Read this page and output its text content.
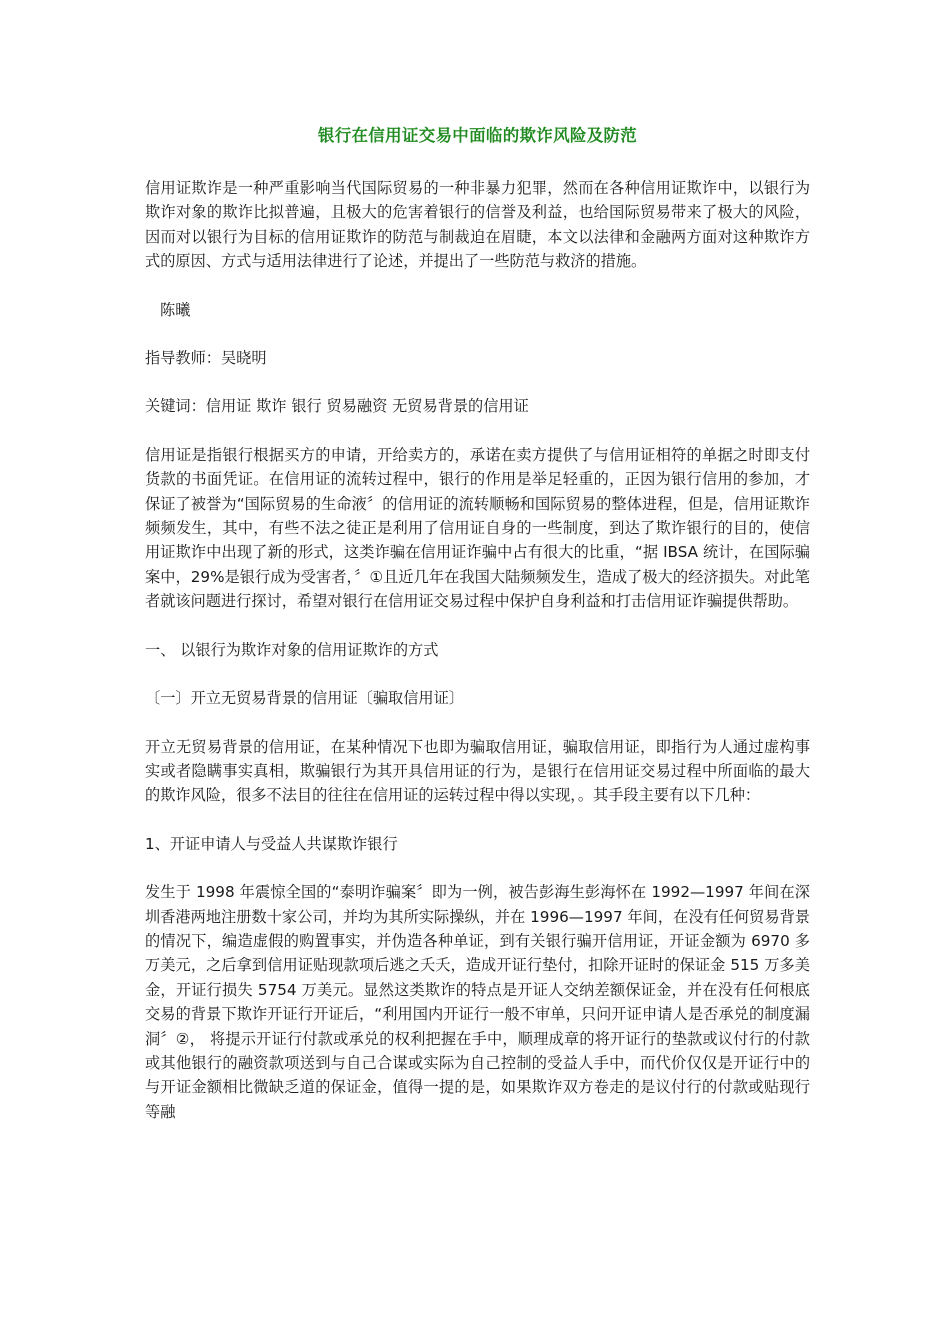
银行在信用证交易中面临的欺诈风险及防范

信用证欺诈是一种严重影响当代国际贸易的一种非暴力犯罪，然而在各种信用证欺诈中，以银行为欺诈对象的欺诈比拟普遍，且极大的危害着银行的信誉及利益，也给国际贸易带来了极大的风险，因而对以银行为目标的信用证欺诈的防范与制裁迫在眉睫，本文以法律和金融两方面对这种欺诈方式的原因、方式与适用法律进行了论述，并提出了一些防范与救济的措施。

陈曦

指导教师：吴晓明

关键词：信用证 欺诈 银行 贸易融资 无贸易背景的信用证

信用证是指银行根据买方的申请，开给卖方的，承诺在卖方提供了与信用证相符的单据之时即支付货款的书面凭证。在信用证的流转过程中，银行的作用是举足轻重的，正因为银行信用的参加，才保证了被誉为“国际贸易的生命液〞的信用证的流转顺畅和国际贸易的整体进程，但是，信用证欺诈频频发生，其中，有些不法之徒正是利用了信用证自身的一些制度，到达了欺诈银行的目的，使信用证欺诈中出现了新的形式，这类诈骗在信用证诈骗中占有很大的比重，“据 IBSA 统计，在国际骗案中，29%是银行成为受害者，〞①且近几年在我国大陆频频发生，造成了极大的经济损失。对此笔者就该问题进行探讨，希望对银行在信用证交易过程中保护自身利益和打击信用证诈骗提供帮助。

一、 以银行为欺诈对象的信用证欺诈的方式

〔一〕开立无贸易背景的信用证〔骗取信用证〕

开立无贸易背景的信用证，在某种情况下也即为骗取信用证，骗取信用证，即指行为人通过虚构事实或者隐瞒事实真相，欺骗银行为其开具信用证的行为，是银行在信用证交易过程中所面临的最大的欺诈风险，很多不法目的往往在信用证的运转过程中得以实现，。其手段主要有以下几种：

1、开证申请人与受益人共谋欺诈银行

发生于 1998 年震惊全国的“泰明诈骗案〞即为一例，被告彭海生彭海怀在 1992—1997 年间在深圳香港两地注册数十家公司，并均为其所实际操纵，并在 1996—1997 年间，在没有任何贸易背景的情况下，编造虚假的购置事实，并伪造各种单证，到有关银行骗开信用证，开证金额为 6970 多万美元，之后拿到信用证贴现款项后逃之夭夭，造成开证行垫付，扣除开证时的保证金 515 万多美金，开证行损失 5754 万美元。显然这类欺诈的特点是开证人交纳差额保证金，并在没有任何根底交易的背景下欺诈开证行开证后，“利用国内开证行一般不审单，只问开证申请人是否承兑的制度漏洞〞②， 将提示开证行付款或承兑的权利把握在手中，顺理成章的将开证行的垫款或议付行的付款或其他银行的融资款项送到与自己合谋或实际为自己控制的受益人手中，而代价仅仅是开证行中的与开证金额相比微缺乏道的保证金，值得一提的是，如果欺诈双方卷走的是议付行的付款或贴现行等融
